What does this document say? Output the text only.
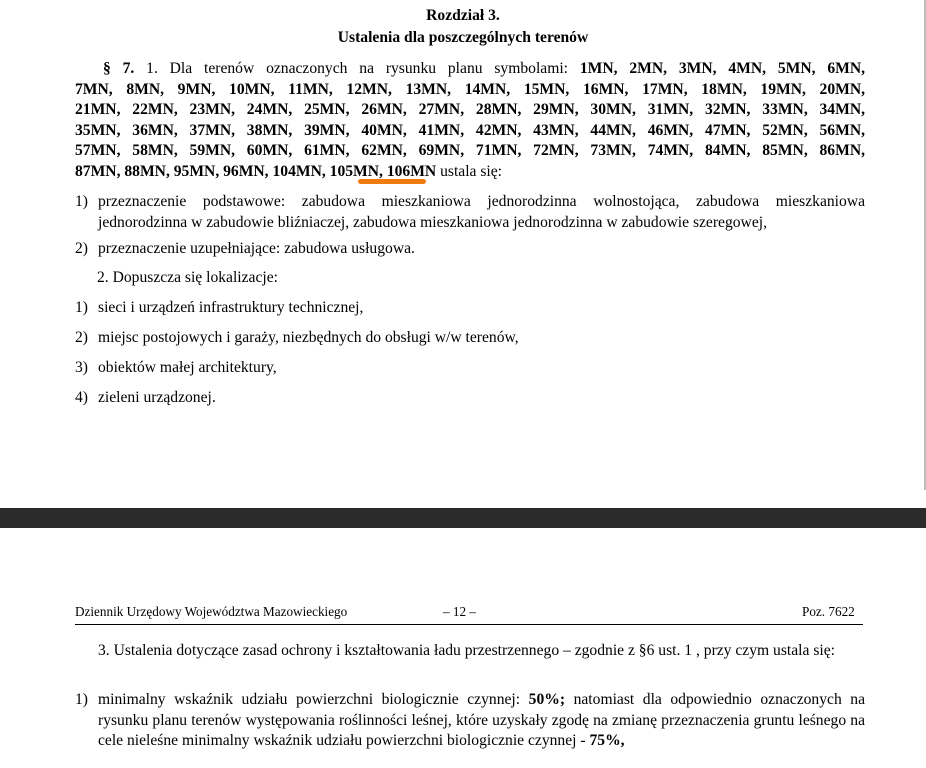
Rozdział 3.
Ustalenia dla poszczególnych terenów
§ 7. 1. Dla terenów oznaczonych na rysunku planu symbolami: 1MN, 2MN, 3MN, 4MN, 5MN, 6MN,
7MN, 8MN, 9MN, 10MN, 11MN, 12MN, 13MN, 14MN, 15MN, 16MN, 17MN, 18MN, 19MN, 20MN,
21MN, 22MN, 23MN, 24MN, 25MN, 26MN, 27MN, 28MN, 29MN, 30MN, 31MN, 32MN, 33MN, 34MN,
35MN, 36MN, 37MN, 38MN, 39MN, 40MN, 41MN, 42MN, 43MN, 44MN, 46MN, 47MN, 52MN, 56MN,
57MN, 58MN, 59MN, 60MN, 61MN, 62MN, 69MN, 71MN, 72MN, 73MN, 74MN, 84MN, 85MN, 86MN,
87MN, 88MN, 95MN, 96MN, 104MN, 105MN, 106MN ustala się:
1) przeznaczenie podstawowe: zabudowa mieszkaniowa jednorodzinna wolnostojąca, zabudowa mieszkaniowa jednorodzinna w zabudowie bliźniaczej, zabudowa mieszkaniowa jednorodzinna w zabudowie szeregowej,
2) przeznaczenie uzupełniające: zabudowa usługowa.
2. Dopuszcza się lokalizacje:
1) sieci i urządzeń infrastruktury technicznej,
2) miejsc postojowych i garaży, niezbędnych do obsługi w/w terenów,
3) obiektów małej architektury,
4) zieleni urządzonej.
Dziennik Urzędowy Województwa Mazowieckiego	– 12 –	Poz. 7622
3. Ustalenia dotyczące zasad ochrony i kształtowania ładu przestrzennego – zgodnie z §6 ust. 1 , przy czym ustala się:
1) minimalny wskaźnik udziału powierzchni biologicznie czynnej: 50%; natomiast dla odpowiednio oznaczonych na rysunku planu terenów występowania roślinności leśnej, które uzyskały zgodę na zmianę przeznaczenia gruntu leśnego na cele nieleśne minimalny wskaźnik udziału powierzchni biologicznie czynnej - 75%,
